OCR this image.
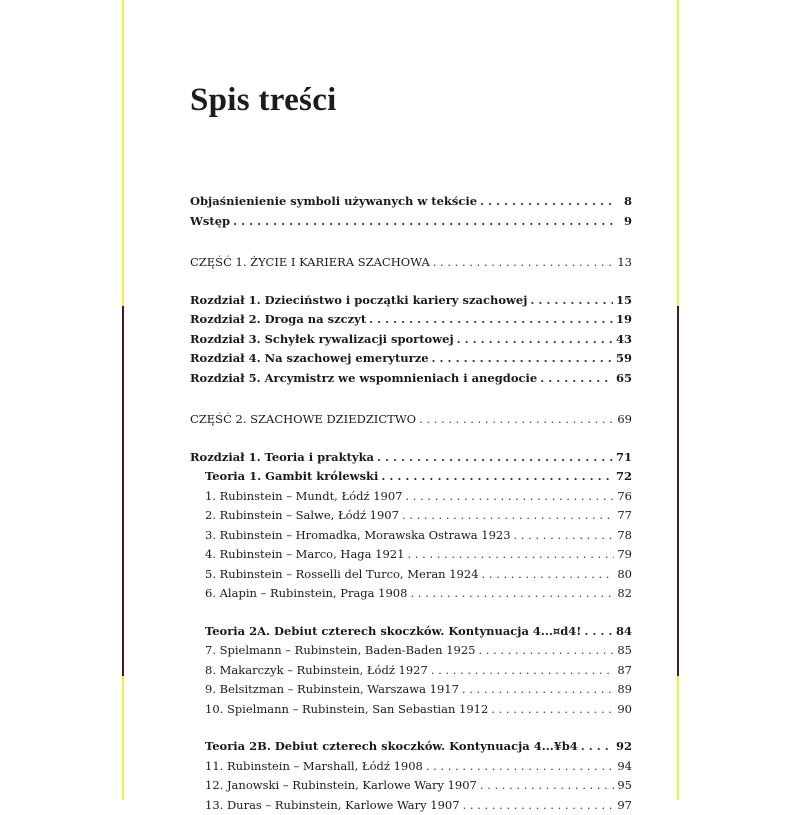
Spis treści
Objaśnienienie symboli używanych w tekście . . .	8
Wstęp . . .	9
CZĘŚĆ 1. ŻYCIE I KARIERA SZACHOWA . . .	13
Rozdział 1. Dzieciństwo i początki kariery szachowej . . .	15
Rozdział 2. Droga na szczyt . . .	19
Rozdział 3. Schyłek rywalizacji sportowej . . .	43
Rozdział 4. Na szachowej emeryturze . . .	59
Rozdział 5. Arcymistrz we wspomnieniach i anegdocie . . .	65
CZĘŚĆ 2. SZACHOWE DZIEDZICTWO . . .	69
Rozdział 1. Teoria i praktyka . . .	71
Teoria 1. Gambit królewski . . .	72
1. Rubinstein – Mundt, Łódź 1907 . . .	76
2. Rubinstein – Salwe, Łódź 1907 . . .	77
3. Rubinstein – Hromadka, Morawska Ostrawa 1923 . . .	78
4. Rubinstein – Marco, Haga 1921 . . .	79
5. Rubinstein – Rosselli del Turco, Meran 1924 . . .	80
6. Alapin – Rubinstein, Praga 1908 . . .	82
Teoria 2A. Debiut czterech skoczków. Kontynuacja 4...¤d4! . . .	84
7. Spielmann – Rubinstein, Baden-Baden 1925 . . .	85
8. Makarczyk – Rubinstein, Łódź 1927 . . .	87
9. Belsitzman – Rubinstein, Warszawa 1917 . . .	89
10. Spielmann – Rubinstein, San Sebastian 1912 . . .	90
Teoria 2B. Debiut czterech skoczków. Kontynuacja 4...¥b4 . . .	92
11. Rubinstein – Marshall, Łódź 1908 . . .	94
12. Janowski – Rubinstein, Karlowe Wary 1907 . . .	95
13. Duras – Rubinstein, Karlowe Wary 1907 . . .	97
